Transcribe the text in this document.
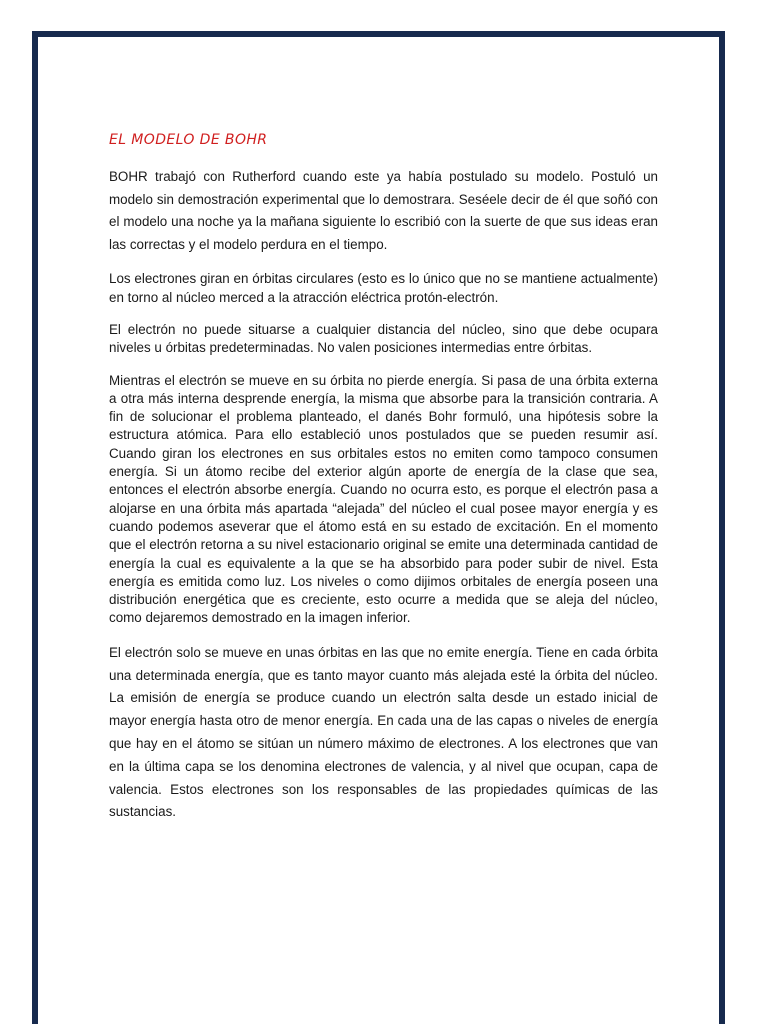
EL MODELO DE BOHR

BOHR trabajó con Rutherford cuando este ya había postulado su modelo. Postuló un modelo sin demostración experimental que lo demostrara. Seséele decir de él que soñó con el modelo una noche ya la mañana siguiente lo escribió con la suerte de que sus ideas eran las correctas y el modelo perdura en el tiempo.

Los electrones giran en órbitas circulares (esto es lo único que no se mantiene actualmente) en torno al núcleo merced a la atracción eléctrica protón-electrón.

El electrón no puede situarse a cualquier distancia del núcleo, sino que debe ocupara niveles u órbitas predeterminadas. No valen posiciones intermedias entre órbitas.

Mientras el electrón se mueve en su órbita no pierde energía. Si pasa de una órbita externa a otra más interna desprende energía, la misma que absorbe para la transición contraria. A fin de solucionar el problema planteado, el danés Bohr formuló, una hipótesis sobre la estructura atómica. Para ello estableció unos postulados que se pueden resumir así. Cuando giran los electrones en sus orbitales estos no emiten como tampoco consumen energía. Si un átomo recibe del exterior algún aporte de energía de la clase que sea, entonces el electrón absorbe energía. Cuando no ocurra esto, es porque el electrón pasa a alojarse en una órbita más apartada “alejada” del núcleo el cual posee mayor energía y es cuando podemos aseverar que el átomo está en su estado de excitación. En el momento que el electrón retorna a su nivel estacionario original se emite una determinada cantidad de energía la cual es equivalente a la que se ha absorbido para poder subir de nivel. Esta energía es emitida como luz. Los niveles o como dijimos orbitales de energía poseen una distribución energética que es creciente, esto ocurre a medida que se aleja del núcleo, como dejaremos demostrado en la imagen inferior.

El electrón solo se mueve en unas órbitas en las que no emite energía. Tiene en cada órbita una determinada energía, que es tanto mayor cuanto más alejada esté la órbita del núcleo. La emisión de energía se produce cuando un electrón salta desde un estado inicial de mayor energía hasta otro de menor energía. En cada una de las capas o niveles de energía que hay en el átomo se sitúan un número máximo de electrones. A los electrones que van en la última capa se los denomina electrones de valencia, y al nivel que ocupan, capa de valencia. Estos electrones son los responsables de las propiedades químicas de las sustancias.
